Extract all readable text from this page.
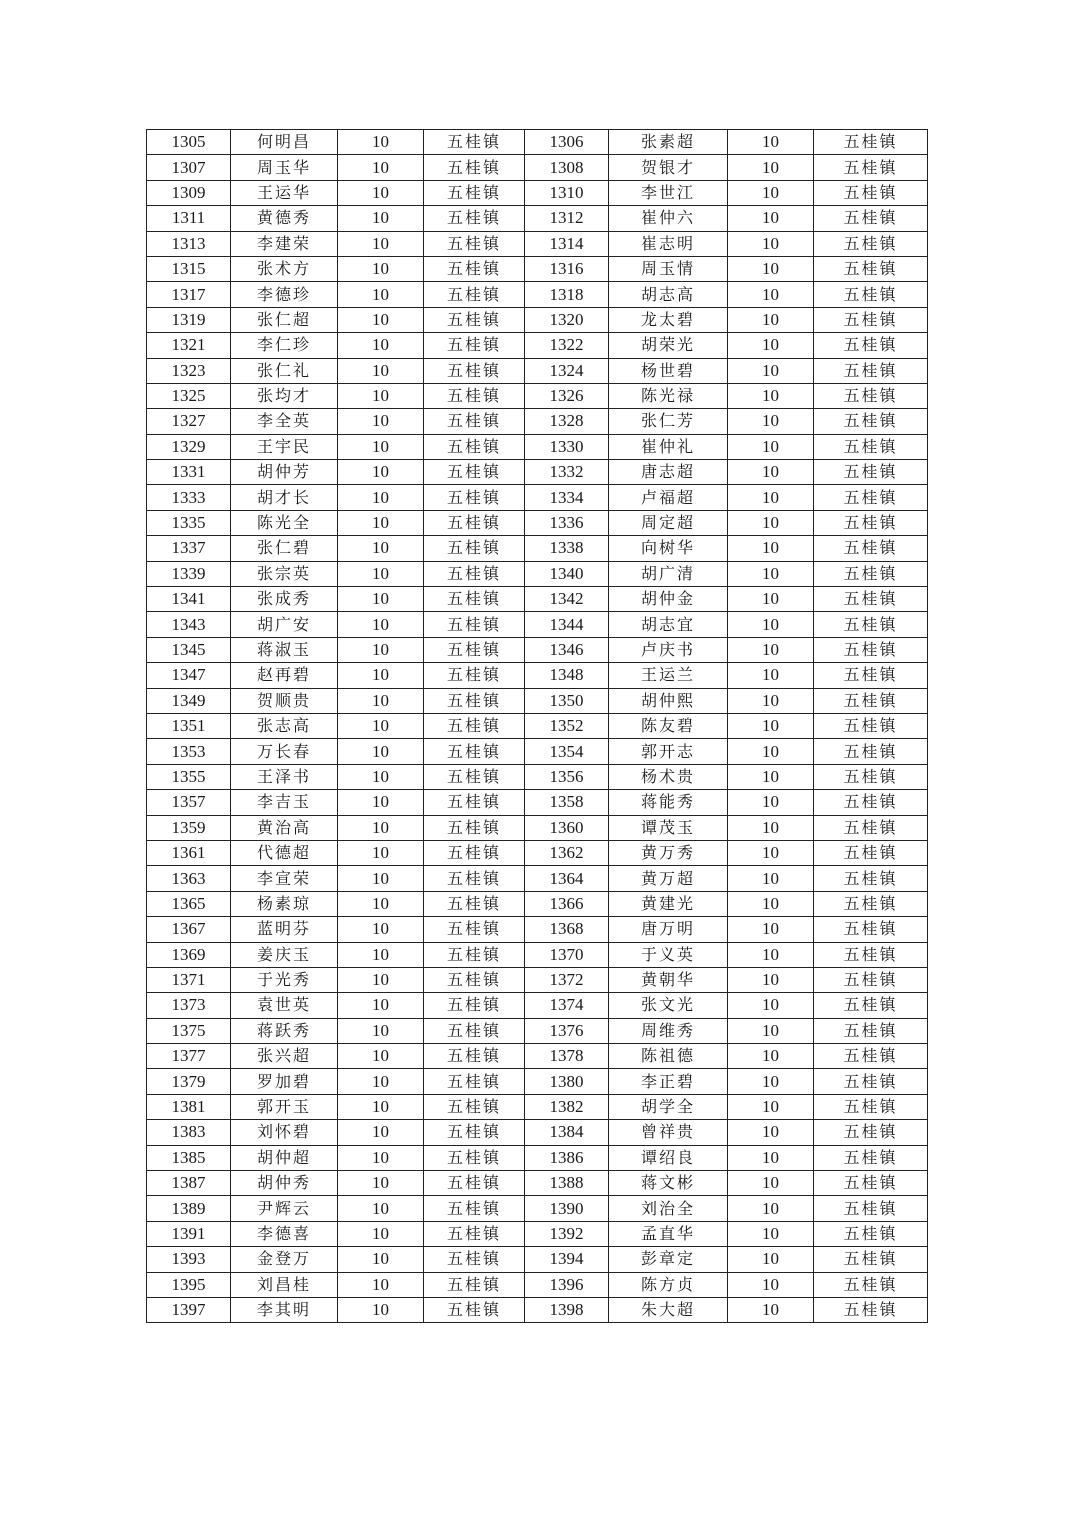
1305	何明昌	10	五桂镇	1306	张素超	10	五桂镇
1307	周玉华	10	五桂镇	1308	贺银才	10	五桂镇
1309	王运华	10	五桂镇	1310	李世江	10	五桂镇
1311	黄德秀	10	五桂镇	1312	崔仲六	10	五桂镇
1313	李建荣	10	五桂镇	1314	崔志明	10	五桂镇
1315	张术方	10	五桂镇	1316	周玉情	10	五桂镇
1317	李德珍	10	五桂镇	1318	胡志高	10	五桂镇
1319	张仁超	10	五桂镇	1320	龙太碧	10	五桂镇
1321	李仁珍	10	五桂镇	1322	胡荣光	10	五桂镇
1323	张仁礼	10	五桂镇	1324	杨世碧	10	五桂镇
1325	张均才	10	五桂镇	1326	陈光禄	10	五桂镇
1327	李全英	10	五桂镇	1328	张仁芳	10	五桂镇
1329	王宇民	10	五桂镇	1330	崔仲礼	10	五桂镇
1331	胡仲芳	10	五桂镇	1332	唐志超	10	五桂镇
1333	胡才长	10	五桂镇	1334	卢福超	10	五桂镇
1335	陈光全	10	五桂镇	1336	周定超	10	五桂镇
1337	张仁碧	10	五桂镇	1338	向树华	10	五桂镇
1339	张宗英	10	五桂镇	1340	胡广清	10	五桂镇
1341	张成秀	10	五桂镇	1342	胡仲金	10	五桂镇
1343	胡广安	10	五桂镇	1344	胡志宜	10	五桂镇
1345	蒋淑玉	10	五桂镇	1346	卢庆书	10	五桂镇
1347	赵再碧	10	五桂镇	1348	王运兰	10	五桂镇
1349	贺顺贵	10	五桂镇	1350	胡仲熙	10	五桂镇
1351	张志高	10	五桂镇	1352	陈友碧	10	五桂镇
1353	万长春	10	五桂镇	1354	郭开志	10	五桂镇
1355	王泽书	10	五桂镇	1356	杨术贵	10	五桂镇
1357	李吉玉	10	五桂镇	1358	蒋能秀	10	五桂镇
1359	黄治高	10	五桂镇	1360	谭茂玉	10	五桂镇
1361	代德超	10	五桂镇	1362	黄万秀	10	五桂镇
1363	李宣荣	10	五桂镇	1364	黄万超	10	五桂镇
1365	杨素琼	10	五桂镇	1366	黄建光	10	五桂镇
1367	蓝明芬	10	五桂镇	1368	唐万明	10	五桂镇
1369	姜庆玉	10	五桂镇	1370	于义英	10	五桂镇
1371	于光秀	10	五桂镇	1372	黄朝华	10	五桂镇
1373	袁世英	10	五桂镇	1374	张文光	10	五桂镇
1375	蒋跃秀	10	五桂镇	1376	周维秀	10	五桂镇
1377	张兴超	10	五桂镇	1378	陈祖德	10	五桂镇
1379	罗加碧	10	五桂镇	1380	李正碧	10	五桂镇
1381	郭开玉	10	五桂镇	1382	胡学全	10	五桂镇
1383	刘怀碧	10	五桂镇	1384	曾祥贵	10	五桂镇
1385	胡仲超	10	五桂镇	1386	谭绍良	10	五桂镇
1387	胡仲秀	10	五桂镇	1388	蒋文彬	10	五桂镇
1389	尹辉云	10	五桂镇	1390	刘治全	10	五桂镇
1391	李德喜	10	五桂镇	1392	孟直华	10	五桂镇
1393	金登万	10	五桂镇	1394	彭章定	10	五桂镇
1395	刘昌桂	10	五桂镇	1396	陈方贞	10	五桂镇
1397	李其明	10	五桂镇	1398	朱大超	10	五桂镇
